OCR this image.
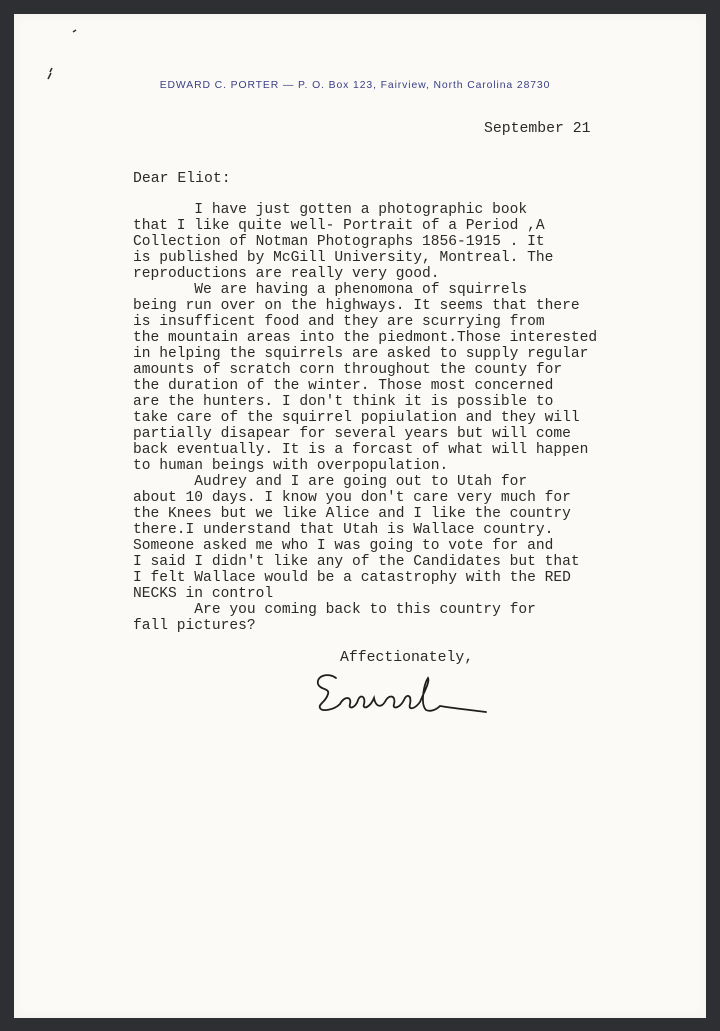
EDWARD C. PORTER — P. O. Box 123, Fairview, North Carolina 28730
September 21
Dear Eliot:
I have just gotten a photographic book
that I like quite well- Portrait of a Period ,A
Collection of Notman Photographs 1856-1915 . It
is published by McGill University, Montreal. The
reproductions are really very good.
We are having a phenomona of squirrels
being run over on the highways. It seems that there
is insufficent food and they are scurrying from
the mountain areas into the piedmont.Those interested
in helping the squirrels are asked to supply regular
amounts of scratch corn throughout the county for
the duration of the winter. Those most concerned
are the hunters. I don't think it is possible to
take care of the squirrel popiulation and they will
partially disapear for several years but will come
back eventually. It is a forcast of what will happen
to human beings with overpopulation.
Audrey and I are going out to Utah for
about 10 days. I know you don't care very much for
the Knees but we like Alice and I like the country
there.I understand that Utah is Wallace country.
Someone asked me who I was going to vote for and
I said I didn't like any of the Candidates but that
I felt Wallace would be a catastrophy with the RED
NECKS in control
Are you coming back to this country for
fall pictures?
Affectionately,
